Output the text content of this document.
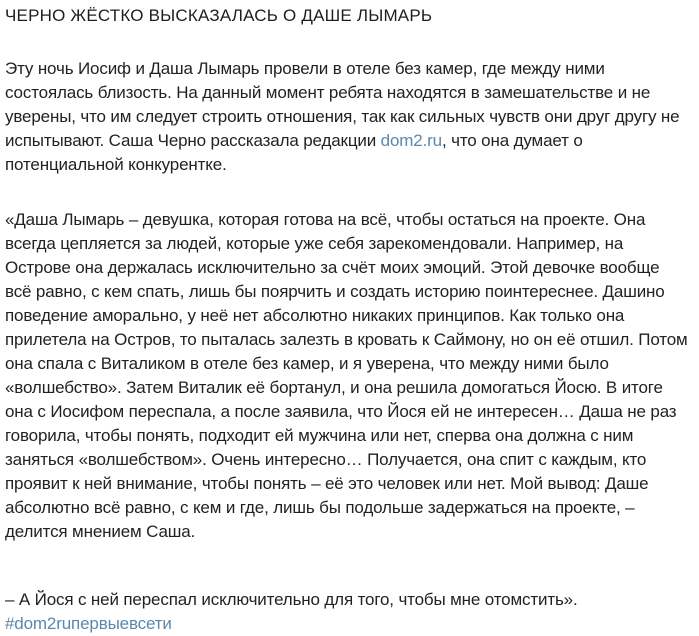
ЧЕРНО ЖЁСТКО ВЫСКАЗАЛАСЬ О ДАШЕ ЛЫМАРЬ

Эту ночь Иосиф и Даша Лымарь провели в отеле без камер, где между ними состоялась близость. На данный момент ребята находятся в замешательстве и не уверены, что им следует строить отношения, так как сильных чувств они друг другу не испытывают. Саша Черно рассказала редакции dom2.ru, что она думает о потенциальной конкурентке.

«Даша Лымарь – девушка, которая готова на всё, чтобы остаться на проекте. Она всегда цепляется за людей, которые уже себя зарекомендовали. Например, на Острове она держалась исключительно за счёт моих эмоций. Этой девочке вообще всё равно, с кем спать, лишь бы поярчить и создать историю поинтереснее. Дашино поведение аморально, у неё нет абсолютно никаких принципов. Как только она прилетела на Остров, то пыталась залезть в кровать к Саймону, но он её отшил. Потом она спала с Виталиком в отеле без камер, и я уверена, что между ними было «волшебство». Затем Виталик её бортанул, и она решила домогаться Йосю. В итоге она с Иосифом переспала, а после заявила, что Йося ей не интересен… Даша не раз говорила, чтобы понять, подходит ей мужчина или нет, сперва она должна с ним заняться «волшебством». Очень интересно… Получается, она спит с каждым, кто проявит к ней внимание, чтобы понять – её это человек или нет. Мой вывод: Даше абсолютно всё равно, с кем и где, лишь бы подольше задержаться на проекте, – делится мнением Саша.

– А Йося с ней переспал исключительно для того, чтобы мне отомстить».

#dom2ruпервыевсети
